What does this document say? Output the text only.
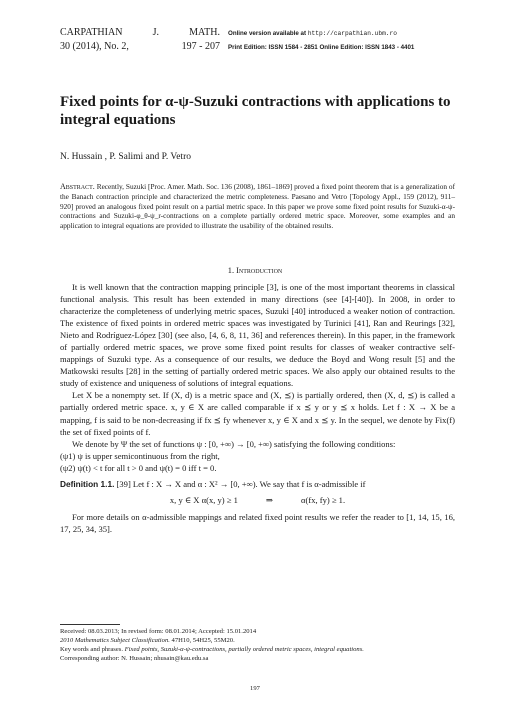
CARPATHIAN	J.	MATH.
30 (2014), No. 2,	197 - 207
Online version available at http://carpathian.ubm.ro
Print Edition: ISSN 1584 - 2851 Online Edition: ISSN 1843 - 4401
Fixed points for α-ψ-Suzuki contractions with applications to integral equations
N. Hussain , P. Salimi and P. Vetro
Abstract. Recently, Suzuki [Proc. Amer. Math. Soc. 136 (2008), 1861–1869] proved a fixed point theorem that is a generalization of the Banach contraction principle and characterized the metric completeness. Paesano and Vetro [Topology Appl., 159 (2012), 911–920] proved an analogous fixed point result on a partial metric space. In this paper we prove some fixed point results for Suzuki-α-ψ-contractions and Suzuki-φ_θ-ψ_r-contractions on a complete partially ordered metric space. Moreover, some examples and an application to integral equations are provided to illustrate the usability of the obtained results.
1. Introduction

It is well known that the contraction mapping principle [3], is one of the most important theorems in classical functional analysis. This result has been extended in many directions (see [4]-[40]). In 2008, in order to characterize the completeness of underlying metric spaces, Suzuki [40] introduced a weaker notion of contraction. The existence of fixed points in ordered metric spaces was investigated by Turinici [41], Ran and Reurings [32], Nieto and Rodríguez-López [30] (see also, [4, 6, 8, 11, 36] and references therein). In this paper, in the framework of partially ordered metric spaces, we prove some fixed point results for classes of weaker contractive self-mappings of Suzuki type. As a consequence of our results, we deduce the Boyd and Wong result [5] and the Matkowski results [28] in the setting of partially ordered metric spaces. We also apply our obtained results to the study of existence and uniqueness of solutions of integral equations.

Let X be a nonempty set. If (X, d) is a metric space and (X, ⪯) is partially ordered, then (X, d, ⪯) is called a partially ordered metric space. x, y ∈ X are called comparable if x ⪯ y or y ⪯ x holds. Let f : X → X be a mapping, f is said to be non-decreasing if fx ⪯ fy whenever x, y ∈ X and x ⪯ y. In the sequel, we denote by Fix(f) the set of fixed points of f.

We denote by Ψ the set of functions ψ : [0, +∞) → [0, +∞) satisfying the following conditions:

(ψ1) ψ is upper semicontinuous from the right,

(ψ2) ψ(t) < t for all t > 0 and ψ(t) = 0 iff t = 0.

Definition 1.1. [39] Let f : X → X and α : X² → [0, +∞). We say that f is α-admissible if

x, y ∈ X α(x, y) ≥ 1	⇒	α(fx, fy) ≥ 1.

For more details on α-admissible mappings and related fixed point results we refer the reader to [1, 14, 15, 16, 17, 25, 34, 35].

Received: 08.03.2013; In revised form: 08.01.2014; Accepted: 15.01.2014
2010 Mathematics Subject Classification. 47H10, 54H25, 55M20.
Key words and phrases. Fixed points, Suzuki-α-ψ-contractions, partially ordered metric spaces, integral equations.
Corresponding author: N. Hussain; nhusain@kau.edu.sa
197
